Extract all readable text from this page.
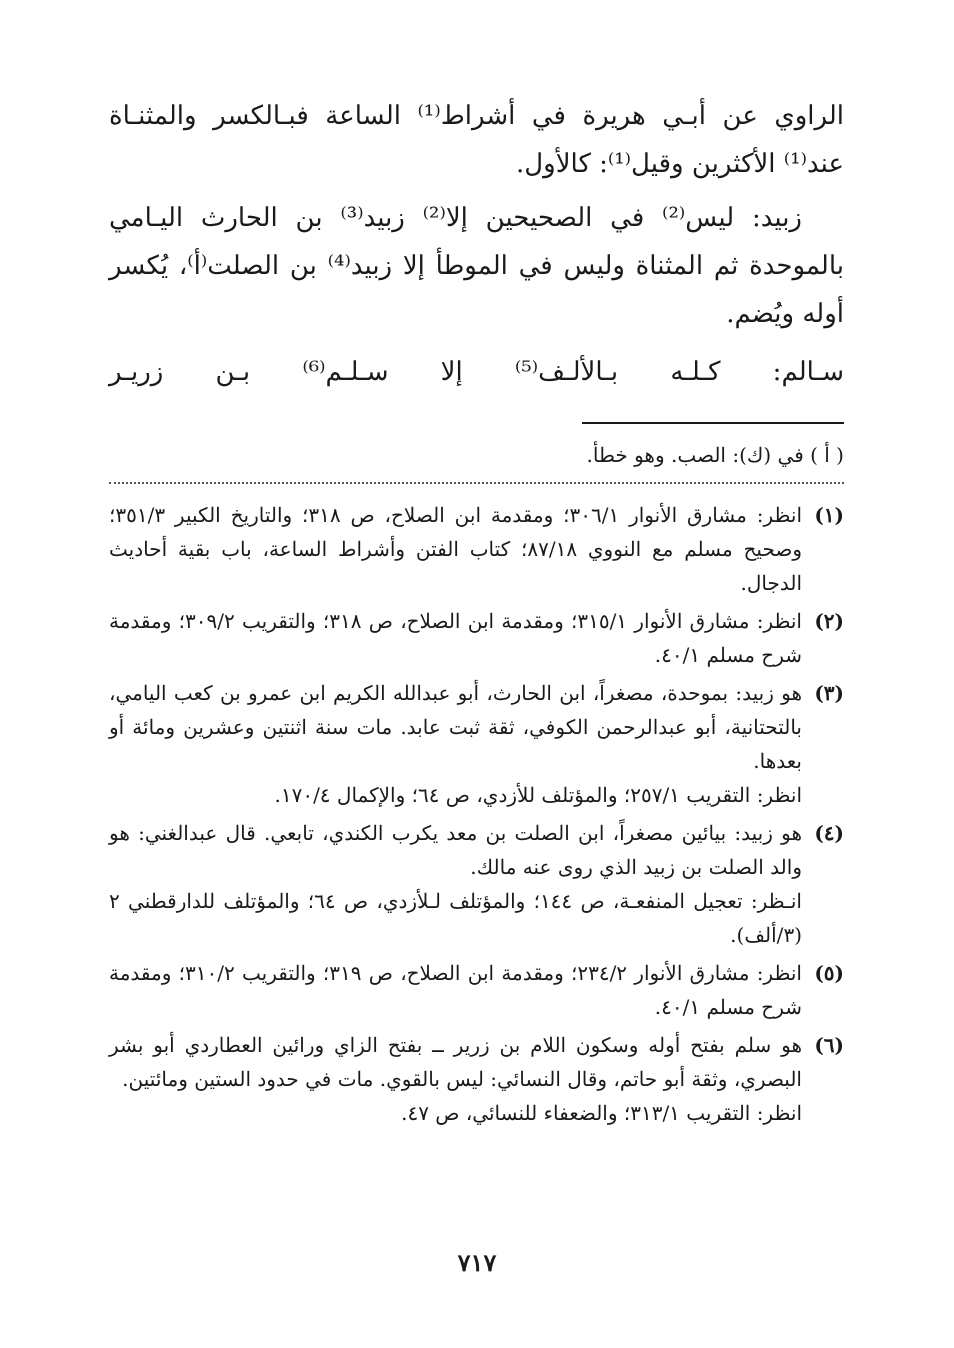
الراوي عن أبـي هريرة في أشراط⁽¹⁾ الساعة فبـالكسر والمثنـاة عند⁽¹⁾ الأكثرين وقيل⁽¹⁾: كالأول.

زبيد: ليس⁽²⁾ في الصحيحين إلا⁽²⁾ زبيد⁽³⁾ بن الحارث اليـامي بالموحدة ثم المثناة وليس في الموطأ إلا زبيد⁽⁴⁾ بن الصلت⁽أ⁾، يُكسر أوله ويُضم.

سـالم: كـلـه بـالألـف⁽⁵⁾ إلا سـلـم⁽⁶⁾ بـن زريـر

( أ ) في (ك): الصب. وهو خطأ.
(١)
انظر: مشارق الأنوار ٣٠٦/١؛ ومقدمة ابن الصلاح، ص ٣١٨؛ والتاريخ الكبير ٣٥١/٣؛ وصحيح مسلم مع النووي ٨٧/١٨؛ كتاب الفتن وأشراط الساعة، باب بقية أحاديث الدجال.
(٢)
انظر: مشارق الأنوار ٣١٥/١؛ ومقدمة ابن الصلاح، ص ٣١٨؛ والتقريب ٣٠٩/٢؛ ومقدمة شرح مسلم ٤٠/١.
(٣)
هو زبيد: بموحدة، مصغراً، ابن الحارث، أبو عبدالله الكريم ابن عمرو بن كعب اليامي، بالتحتانية، أبو عبدالرحمن الكوفي، ثقة ثبت عابد. مات سنة اثنتين وعشرين ومائة أو بعدها.
انظر: التقريب ٢٥٧/١؛ والمؤتلف للأزدي، ص ٦٤؛ والإكمال ١٧٠/٤.
(٤)
هو زبيد: بيائين مصغراً، ابن الصلت بن معد يكرب الكندي، تابعي. قال عبدالغني: هو والد الصلت بن زبيد الذي روى عنه مالك.
انـظر: تعجيل المنفعـة، ص ١٤٤؛ والمؤتلف لـلأزدي، ص ٦٤؛ والمؤتلف للدارقطني ٢ (٣/ألف).
(٥)
انظر: مشارق الأنوار ٢٣٤/٢؛ ومقدمة ابن الصلاح، ص ٣١٩؛ والتقريب ٣١٠/٢؛ ومقدمة شرح مسلم ٤٠/١.
(٦)
هو سلم بفتح أوله وسكون اللام بن زرير ــ بفتح الزاي ورائين العطاردي أبو بشر البصري، وثقة أبو حاتم، وقال النسائي: ليس بالقوي. مات في حدود الستين ومائتين.
انظر: التقريب ٣١٣/١؛ والضعفاء للنسائي، ص ٤٧.
٧١٧
